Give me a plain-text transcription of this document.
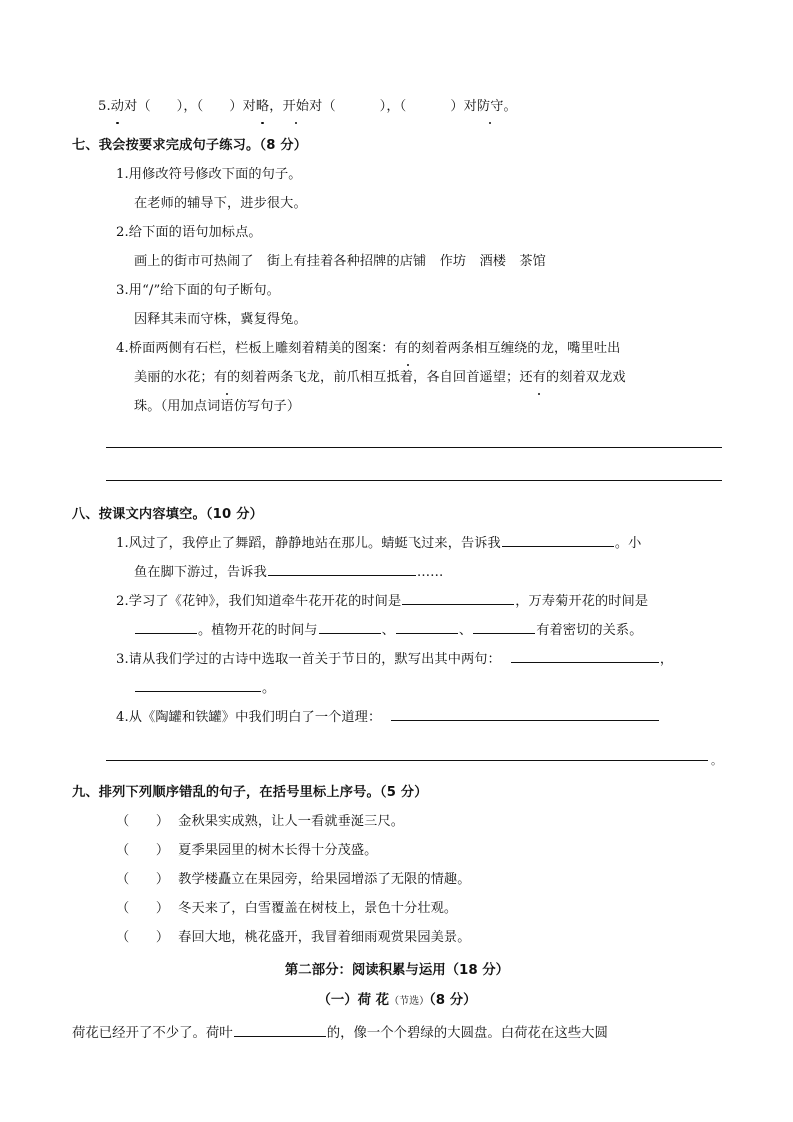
5.动对（ ），（ ）对略，开始对（	），（	）对防守。
七、我会按要求完成句子练习。（8 分）
1.用修改符号修改下面的句子。
在老师的辅导下，进步很大。
2.给下面的语句加标点。
画上的街市可热闹了　街上有挂着各种招牌的店铺　作坊　酒楼　茶馆
3.用“/”给下面的句子断句。
因释其耒而守株，冀复得兔。
4.桥面两侧有石栏，栏板上雕刻着精美的图案：有的刻着两条相互缠绕的龙，嘴里吐出
美丽的水花；有的刻着两条飞龙，前爪相互抵着，各自回首遥望；还有的刻着双龙戏
珠。（用加点词语仿写句子）
八、按课文内容填空。（10 分）
1.风过了，我停止了舞蹈，静静地站在那儿。蜻蜓飞过来，告诉我	。小
鱼在脚下游过，告诉我	……
2.学习了《花钟》，我们知道牵牛花开花的时间是	，万寿菊开花的时间是
。植物开花的时间与	、	、	有着密切的关系。
3.请从我们学过的古诗中选取一首关于节日的，默写出其中两句：	，
。
4.从《陶罐和铁罐》中我们明白了一个道理：
。
九、排列下列顺序错乱的句子，在括号里标上序号。（5 分）
（　　） 金秋果实成熟，让人一看就垂涎三尺。
（　　） 夏季果园里的树木长得十分茂盛。
（　　） 教学楼矗立在果园旁，给果园增添了无限的情趣。
（　　） 冬天来了，白雪覆盖在树枝上，景色十分壮观。
（　　） 春回大地，桃花盛开，我冒着细雨观赏果园美景。
第二部分：阅读积累与运用（18 分）
（一）荷 花（节选）（8 分）
荷花已经开了不少了。荷叶	的，像一个个碧绿的大圆盘。白荷花在这些大圆
